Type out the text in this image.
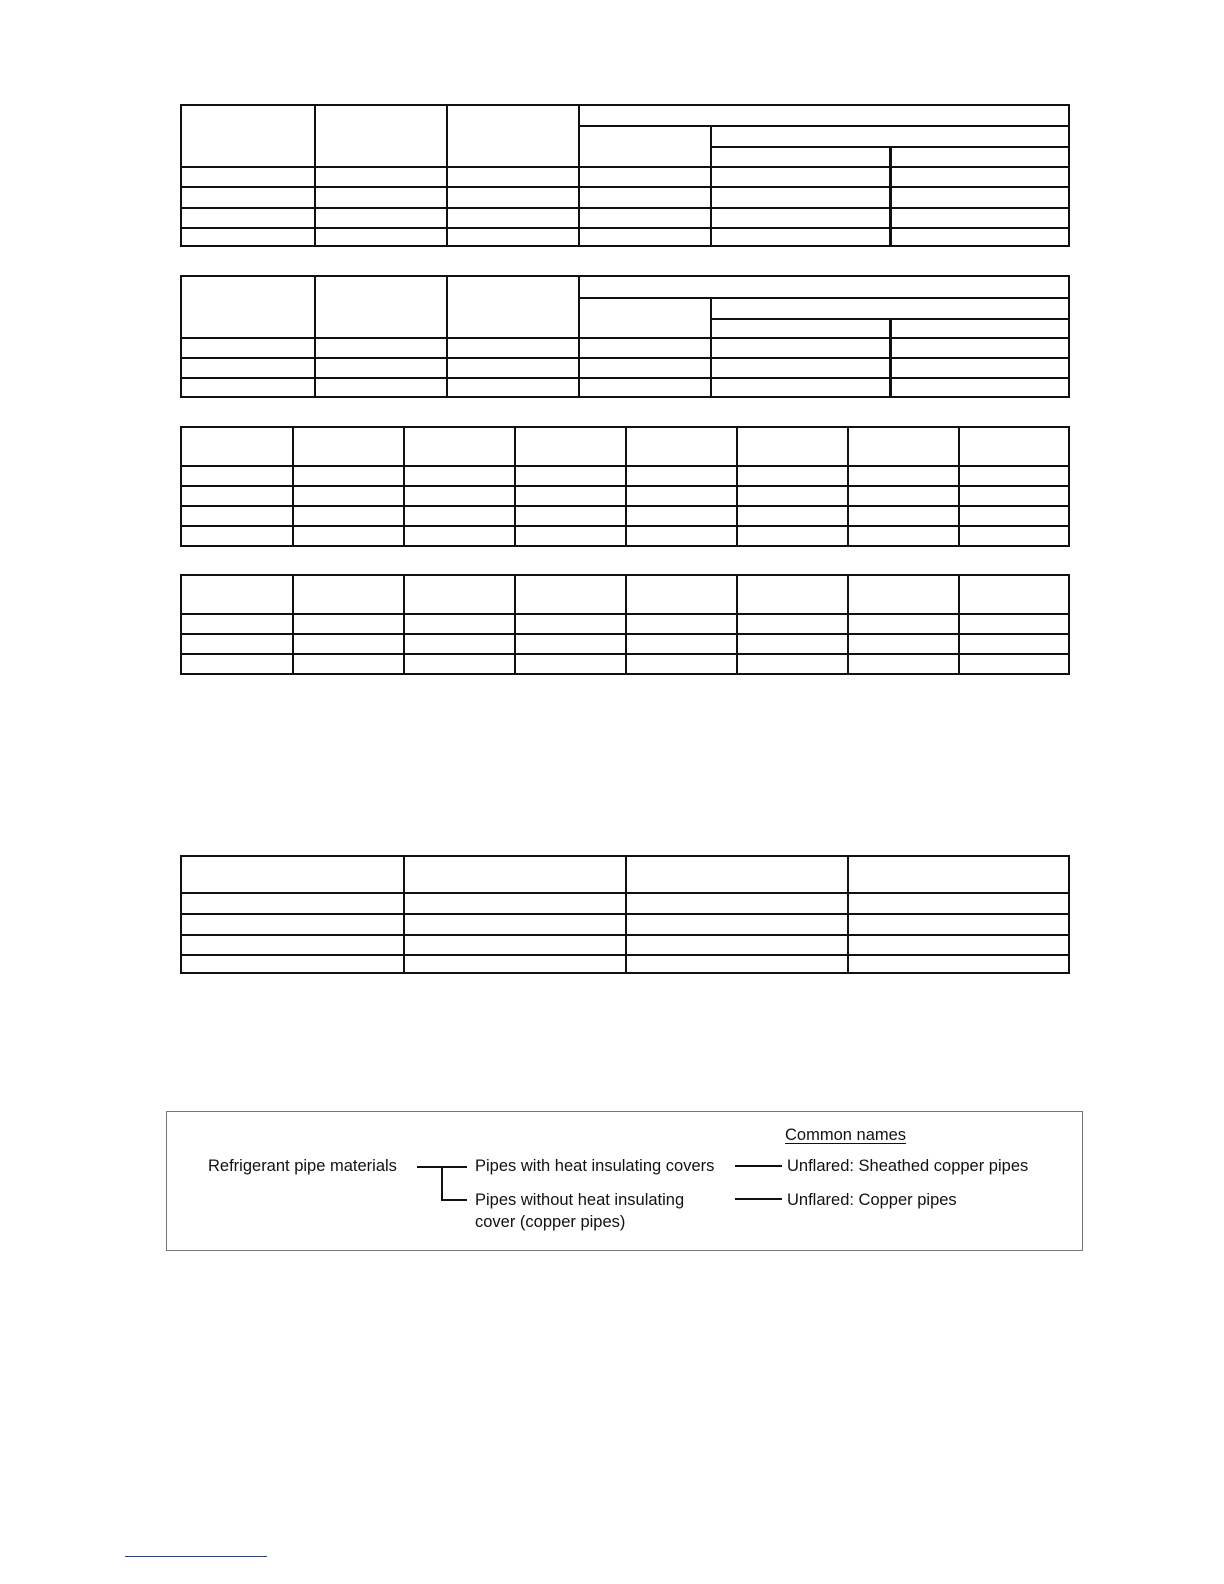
Common names
Refrigerant pipe materials	Pipes with heat insulating covers
Pipes without heat insulating
cover (copper pipes)
Unflared: Sheathed copper pipes
Unflared: Copper pipes
